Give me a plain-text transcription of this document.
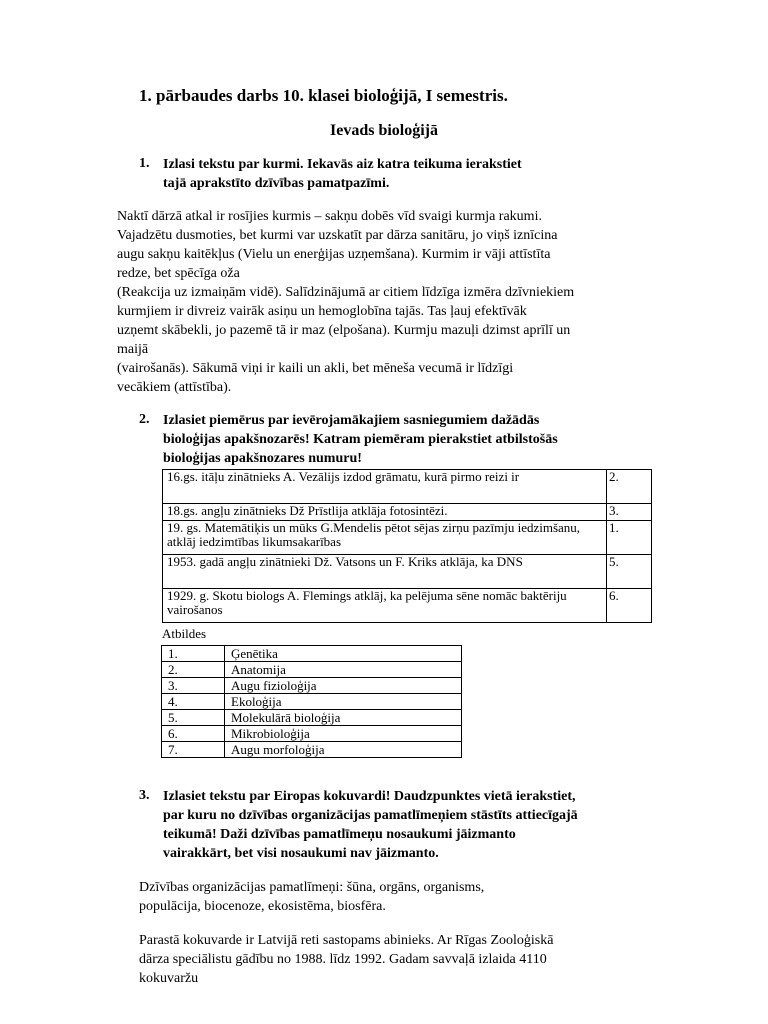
1. pārbaudes darbs 10. klasei bioloģijā, I semestris.
Ievads bioloģijā
1. Izlasi tekstu par kurmi. Iekavās aiz katra teikuma ierakstiet
tajā aprakstīto dzīvības pamatpazīmi.
Naktī dārzā atkal ir rosījies kurmis – sakņu dobēs vīd svaigi kurmja rakumi.
Vajadzētu dusmoties, bet kurmi var uzskatīt par dārza sanitāru, jo viņš iznīcina
augu sakņu kaitēkļus (Vielu un enerģijas uzņemšana). Kurmim ir vāji attīstīta
redze, bet spēcīga oža
(Reakcija uz izmaiņām vidē). Salīdzinājumā ar citiem līdzīga izmēra dzīvniekiem
kurmjiem ir divreiz vairāk asiņu un hemoglobīna tajās. Tas ļauj efektīvāk
uzņemt skābekli, jo pazemē tā ir maz (elpošana). Kurmju mazuļi dzimst aprīlī un
maijā
(vairošanās). Sākumā viņi ir kaili un akli, bet mēneša vecumā ir līdzīgi
vecākiem (attīstība).
2. Izlasiet piemērus par ievērojamākajiem sasniegumiem dažādās
bioloģijas apakšnozarēs! Katram piemēram pierakstiet atbilstošās
bioloģijas apakšnozares numuru!
16.gs. itāļu zinātnieks A. Vezālijs izdod grāmatu, kurā pirmo reizi ir	2.
18.gs. angļu zinātnieks Dž Prīstlija atklāja fotosintēzi.	3.
19. gs. Matemātiķis un mūks G.Mendelis pētot sējas zirņu pazīmju iedzimšanu, atklāj iedzimtības likumsakarības	1.
1953. gadā angļu zinātnieki Dž. Vatsons un F. Kriks atklāja, ka DNS	5.
1929. g. Skotu biologs A. Flemings atklāj, ka pelējuma sēne nomāc baktēriju vairošanos	6.
Atbildes
1.	Ģenētika
2.	Anatomija
3.	Augu fizioloģija
4.	Ekoloģija
5.	Molekulārā bioloģija
6.	Mikrobioloģija
7.	Augu morfoloģija
3. Izlasiet tekstu par Eiropas kokuvardi! Daudzpunktes vietā ierakstiet,
par kuru no dzīvības organizācijas pamatlīmeņiem stāstīts attiecīgajā
teikumā! Daži dzīvības pamatlīmeņu nosaukumi jāizmanto
vairakkārt, bet visi nosaukumi nav jāizmanto.
Dzīvības organizācijas pamatlīmeņi: šūna, orgāns, organisms,
populācija, biocenoze, ekosistēma, biosfēra.
Parastā kokuvarde ir Latvijā reti sastopams abinieks. Ar Rīgas Zooloģiskā
dārza speciālistu gādību no 1988. līdz 1992. Gadam savvaļā izlaida 4110
kokuvaržu
